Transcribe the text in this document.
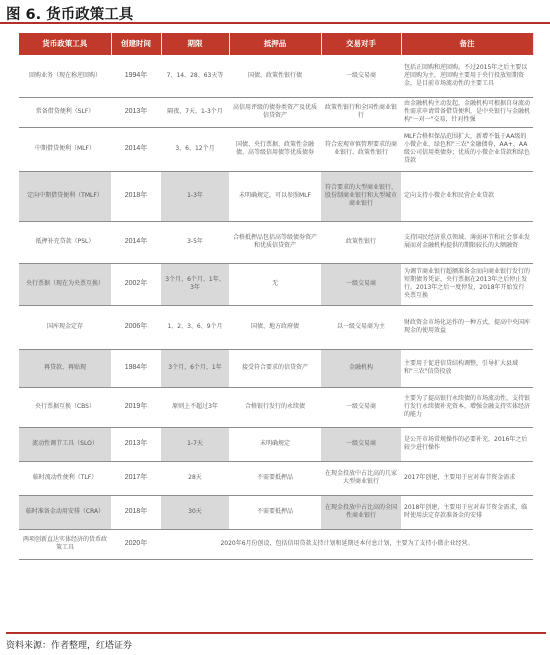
图 6. 货币政策工具
货币政策工具	创建时间	期限	抵押品	交易对手	备注
回购业务（现在称逆回购）	1994年	7、14、28、63天等	国债、政策性银行债	一级交易商	包括正回购和逆回购。不过2015年之后主要以逆回购为主，逆回购主要用于央行投放短期资金，是目前市场流动性的主要工具
常备借贷便利（SLF）	2013年	隔夜、7天、1-3个月	高信用评级的债券类资产及优质信贷资产	政策性银行和全国性商业银行	由金融机构主动发起，金融机构可根据自身流动性需求申请常备借贷便利，是中央银行与金融机构"一对一"交易，针对性强
中期借贷便利（MLF）	2014年	3、6、12个月	国债、央行票据、政策性金融债、高等级信用债等优质债券	符合宏观审慎管理要求的商业银行、政策性银行	MLF合格担保品范围扩大，新增不低于AA级的小微企业、绿色和"三农"金融债券，AA+、AA级公司信用类债券；优质的小微企业贷款和绿色贷款
定向中期借贷便利（TMLF）	2018年	1-3年	未明确规定，可以参照MLF	符合要求的大型商业银行、股份制商业银行和大型城市商业银行	定向支持小微企业和民营企业贷款
抵押补充贷款（PSL）	2014年	3-5年	合格抵押品包括高等级债券资产和优质信贷资产	政策性银行	支持国民经济重点领域、薄弱环节和社会事业发展而对金融机构提供的期限较长的大额融资
央行票据（现在为央票互换）	2002年	3个月、6个月、1年、3年	无	一级交易商	为调节商业银行超额准备金而向商业银行发行的短期债务凭证，央行票据在2013年之后停止发行。2013年之后一度停发，2018年开始发行央票互换
国库现金定存	2006年	1、2、3、6、9个月	国债、地方政府债	以一级交易商为主	财政资金市场化运作的一种方式，提高中央国库现金的使用效益
再贷款、再贴现	1984年	3个月、6个月、1年	接受符合要求的信贷资产	金融机构	主要用于促进信贷结构调整，引导扩大县域和"三农"信贷投放
央行票据互换（CBS）	2019年	原则上不超过3年	合格银行发行的永续债	一级交易商	主要为了提高银行永续债的市场流动性，支持银行发行永续债补充资本，增强金融支持实体经济的能力
流动性调节工具（SLO）	2013年	1-7天	未明确规定	一级交易商	是公开市场常规操作的必要补充，2016年之后较少进行操作
临时流动性便利（TLF）	2017年	28天	不需要抵押品	在现金投放中占比高的几家大型商业银行	2017年创建，主要用于应对春节资金需求
临时准备金动用安排（CRA）	2018年	30天	不需要抵押品	在现金投放中占比高的全国性商业银行	2018年创建，主要用于应对春节资金需求，临时使用法定存款准备金的安排
两项创新直达实体经济的货币政策工具	2020年	2020年6月份创设，包括信用贷款支持计划和延期还本付息计划，主要为了支持小微企业经营。			
资料来源：作者整理，红塔证券
